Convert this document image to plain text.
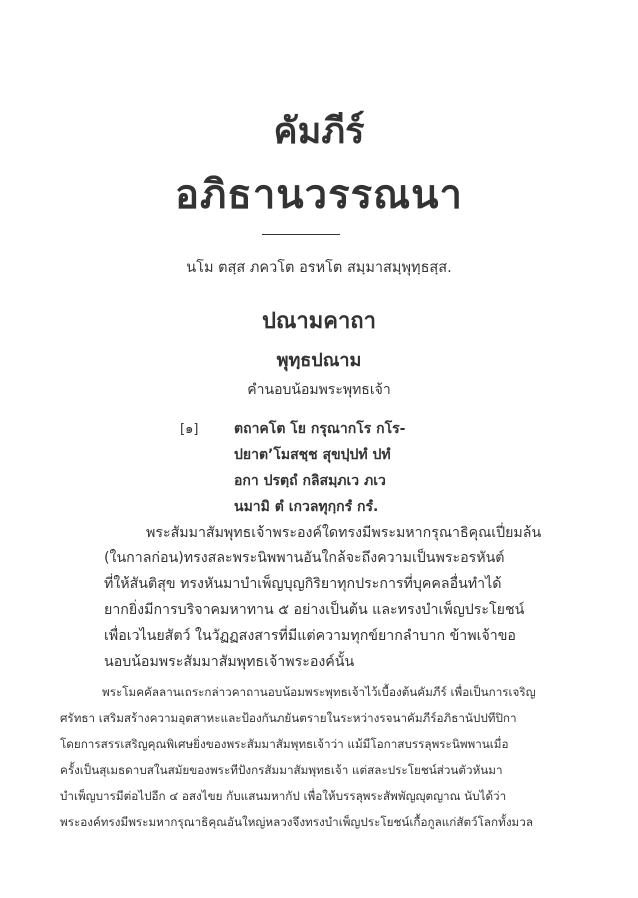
คัมภีร์
อภิธานวรรณนา
นโม ตสฺส ภควโต อรหโต สมฺมาสมฺพุทฺธสฺส.
ปณามคาถา
พุทฺธปณาม
คำนอบน้อมพระพุทธเจ้า
[๑]	ตถาคโต โย กรุณากโร กโร-
ปยาต’โมสชฺช สุขปฺปทํ ปทํ
อกา ปรตฺถํ กลิสมฺภเว ภเว
นมามิ ตํ เกวลทุกฺกรํ กรํ.
พระสัมมาสัมพุทธเจ้าพระองค์ใดทรงมีพระมหากรุณาธิคุณเปี่ยมล้น
(ในกาลก่อน)ทรงสละพระนิพพานอันใกล้จะถึงความเป็นพระอรหันต์
ที่ให้สันติสุข ทรงหันมาบำเพ็ญบุญกิริยาทุกประการที่บุคคลอื่นทำได้
ยากยิ่งมีการบริจาคมหาทาน ๕ อย่างเป็นต้น และทรงบำเพ็ญประโยชน์
เพื่อเวไนยสัตว์ ในวัฏฏสงสารที่มีแต่ความทุกข์ยากลำบาก ข้าพเจ้าขอ
นอบน้อมพระสัมมาสัมพุทธเจ้าพระองค์นั้น
พระโมคคัลลานเถระกล่าวคาถานอบน้อมพระพุทธเจ้าไว้เบื้องต้นคัมภีร์ เพื่อเป็นการเจริญ
ศรัทธา เสริมสร้างความอุตสาหะและป้องกันภยันตรายในระหว่างรจนาคัมภีร์อภิธานัปปทีปิกา
โดยการสรรเสริญคุณพิเศษยิ่งของพระสัมมาสัมพุทธเจ้าว่า แม้มีโอกาสบรรลุพระนิพพานเมื่อ
ครั้งเป็นสุเมธดาบสในสมัยของพระทีปังกรสัมมาสัมพุทธเจ้า แต่สละประโยชน์ส่วนตัวหันมา
บำเพ็ญบารมีต่อไปอีก ๔ อสงไขย กับแสนมหากัป เพื่อให้บรรลุพระสัพพัญญุตญาณ นับได้ว่า
พระองค์ทรงมีพระมหากรุณาธิคุณอันใหญ่หลวงจึงทรงบำเพ็ญประโยชน์เกื้อกูลแก่สัตว์โลกทั้งมวล
